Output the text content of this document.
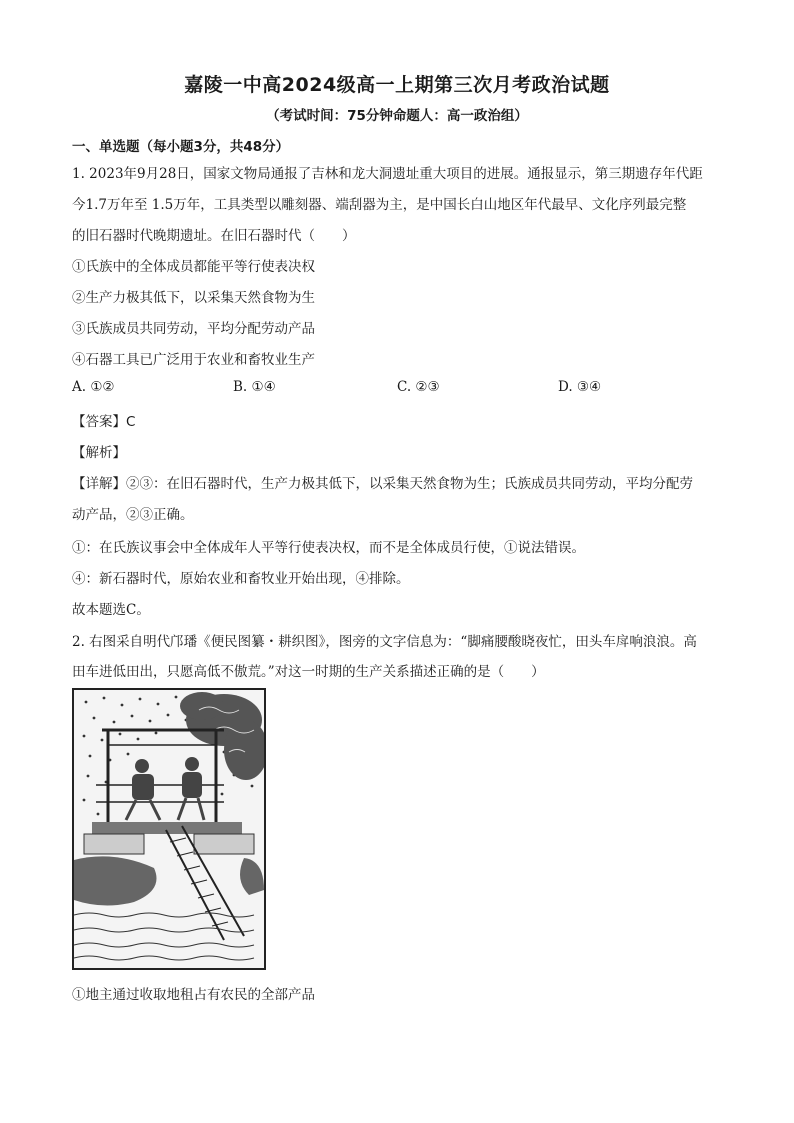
嘉陵一中高2024级高一上期第三次月考政治试题
（考试时间：75分钟命题人：高一政治组）
一、单选题（每小题3分，共48分）
1. 2023年9月28日，国家文物局通报了吉林和龙大洞遗址重大项目的进展。通报显示，第三期遗存年代距
今1.7万年至 1.5万年，工具类型以雕刻器、端刮器为主，是中国长白山地区年代最早、文化序列最完整
的旧石器时代晚期遗址。在旧石器时代（　　）
①氏族中的全体成员都能平等行使表决权
②生产力极其低下，以采集天然食物为生
③氏族成员共同劳动，平均分配劳动产品
④石器工具已广泛用于农业和畜牧业生产
A. ①②	B. ①④	C. ②③	D. ③④
【答案】C
【解析】
【详解】②③：在旧石器时代，生产力极其低下，以采集天然食物为生；氏族成员共同劳动，平均分配劳
动产品，②③正确。
①：在氏族议事会中全体成年人平等行使表决权，而不是全体成员行使，①说法错误。
④：新石器时代，原始农业和畜牧业开始出现，④排除。
故本题选C。
2. 右图采自明代邝璠《便民图纂・耕织图》，图旁的文字信息为：“脚痛腰酸晓夜忙，田头车戽响浪浪。高
田车进低田出，只愿高低不傲荒。”对这一时期的生产关系描述正确的是（　　）
①地主通过收取地租占有农民的全部产品
